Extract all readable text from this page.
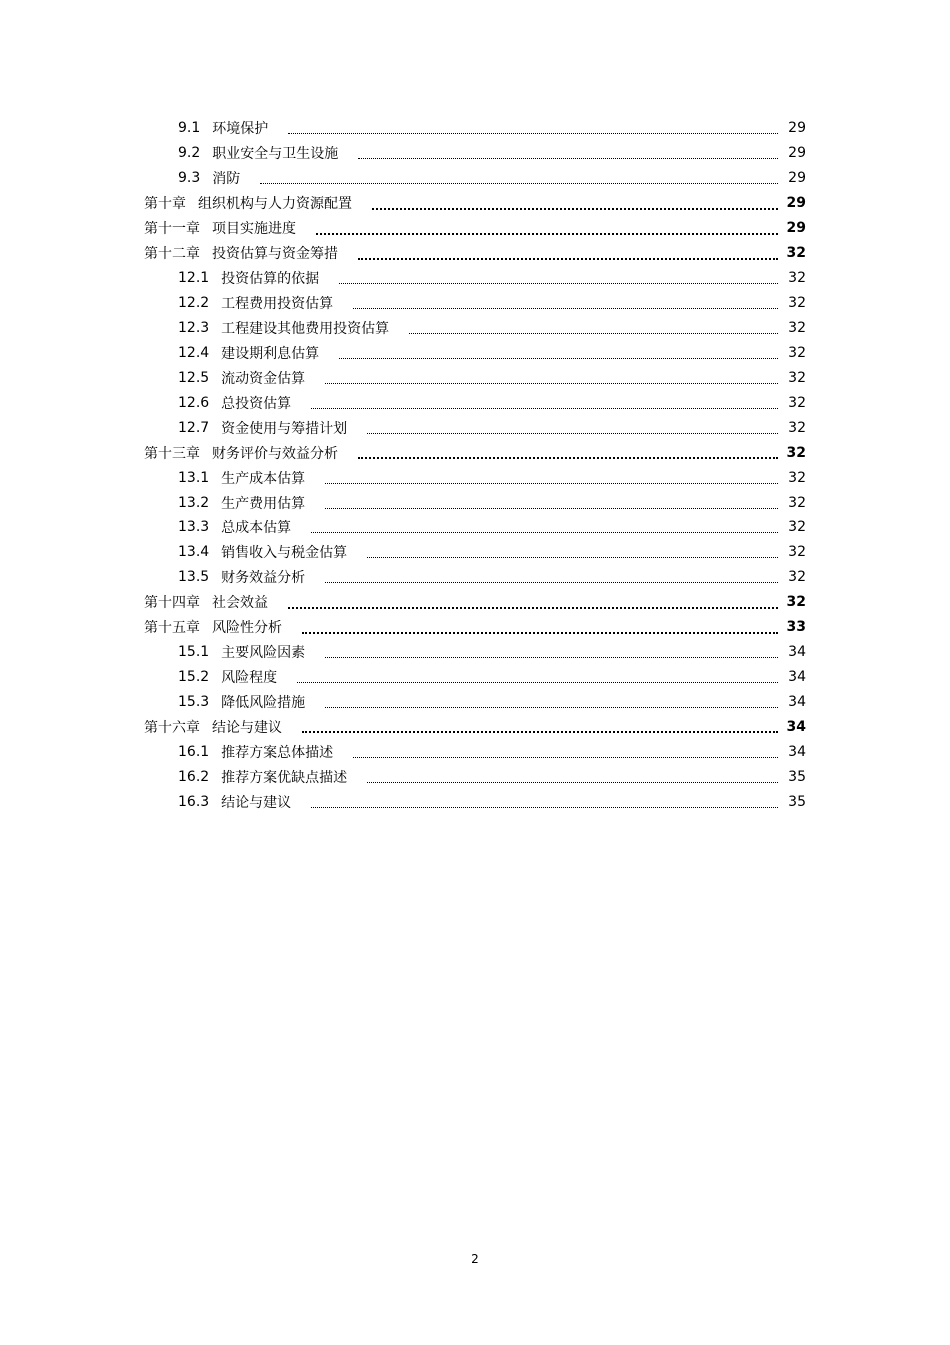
9.1 环境保护	29
9.2 职业安全与卫生设施	29
9.3 消防	29
第十章 组织机构与人力资源配置	29
第十一章 项目实施进度	29
第十二章 投资估算与资金筹措	32
12.1 投资估算的依据	32
12.2 工程费用投资估算	32
12.3 工程建设其他费用投资估算	32
12.4 建设期利息估算	32
12.5 流动资金估算	32
12.6 总投资估算	32
12.7 资金使用与筹措计划	32
第十三章 财务评价与效益分析	32
13.1 生产成本估算	32
13.2 生产费用估算	32
13.3 总成本估算	32
13.4 销售收入与税金估算	32
13.5 财务效益分析	32
第十四章 社会效益	32
第十五章 风险性分析	33
15.1 主要风险因素	34
15.2 风险程度	34
15.3 降低风险措施	34
第十六章 结论与建议	34
16.1 推荐方案总体描述	34
16.2 推荐方案优缺点描述	35
16.3 结论与建议	35
2
